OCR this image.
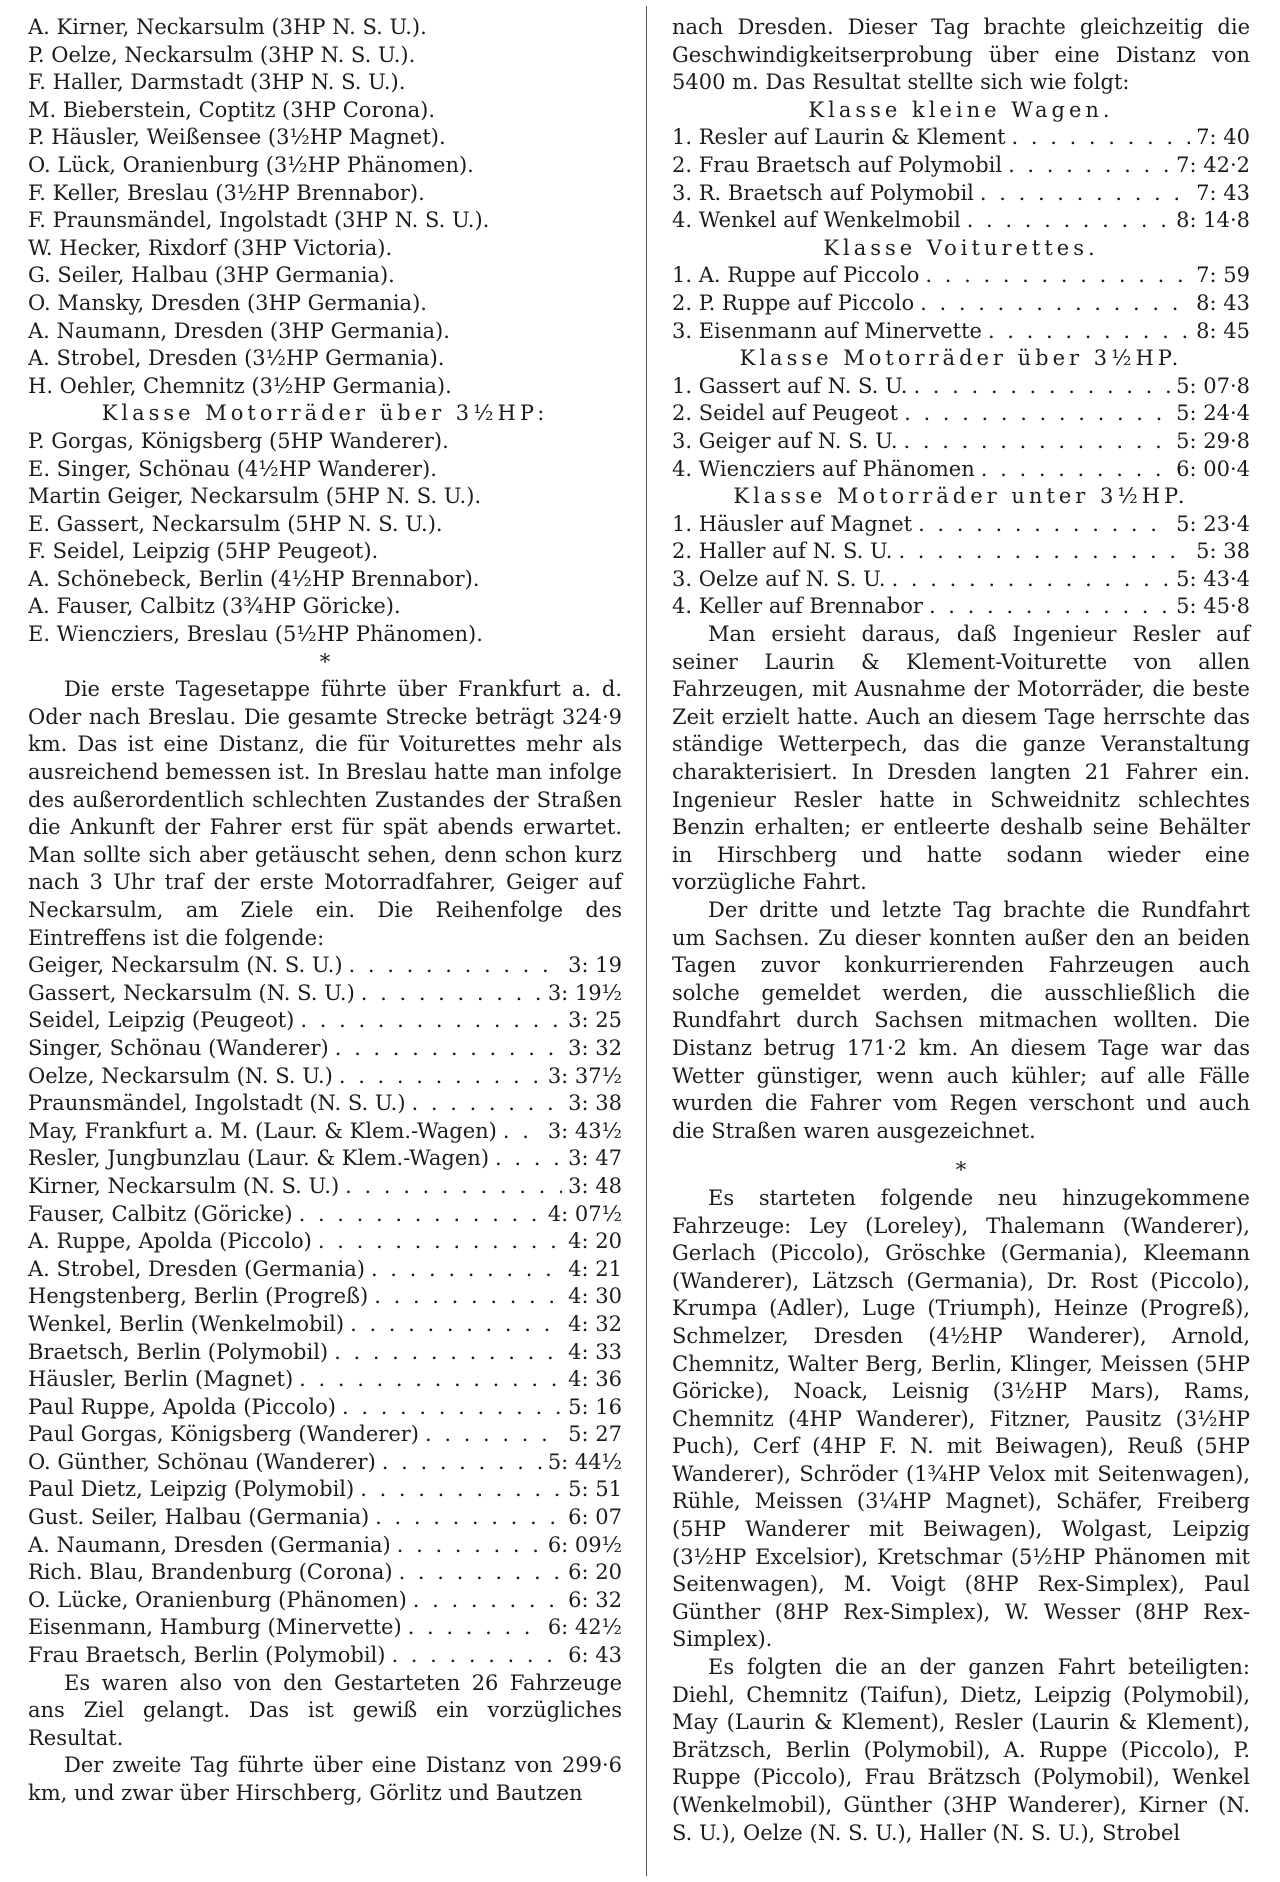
A. Kirner, Neckarsulm (3HP N. S. U.).
P. Oelze, Neckarsulm (3HP N. S. U.).
F. Haller, Darmstadt (3HP N. S. U.).
M. Bieberstein, Coptitz (3HP Corona).
P. Häusler, Weißensee (3½HP Magnet).
O. Lück, Oranienburg (3½HP Phänomen).
F. Keller, Breslau (3½HP Brennabor).
F. Praunsmändel, Ingolstadt (3HP N. S. U.).
W. Hecker, Rixdorf (3HP Victoria).
G. Seiler, Halbau (3HP Germania).
O. Mansky, Dresden (3HP Germania).
A. Naumann, Dresden (3HP Germania).
A. Strobel, Dresden (3½HP Germania).
H. Oehler, Chemnitz (3½HP Germania).
Klasse Motorräder über 3½HP:
P. Gorgas, Königsberg (5HP Wanderer).
E. Singer, Schönau (4½HP Wanderer).
Martin Geiger, Neckarsulm (5HP N. S. U.).
E. Gassert, Neckarsulm (5HP N. S. U.).
F. Seidel, Leipzig (5HP Peugeot).
A. Schönebeck, Berlin (4½HP Brennabor).
A. Fauser, Calbitz (3¾HP Göricke).
E. Wienczіers, Breslau (5½HP Phänomen).
*

Die erste Tagesetappe führte über Frankfurt a. d. Oder nach Breslau. Die gesamte Strecke beträgt 324·9 km. Das ist eine Distanz, die für Voiturettes mehr als ausreichend bemessen ist. In Breslau hatte man infolge des außerordentlich schlechten Zustandes der Straßen die Ankunft der Fahrer erst für spät abends erwartet. Man sollte sich aber getäuscht sehen, denn schon kurz nach 3 Uhr traf der erste Motorradfahrer, Geiger auf Neckarsulm, am Ziele ein. Die Reihenfolge des Eintreffens ist die folgende:

Geiger, Neckarsulm (N. S. U.) . . .	3: 19
Gassert, Neckarsulm (N. S. U.) . . .	3: 19½
Seidel, Leipzig (Peugeot) . . .	3: 25
Singer, Schönau (Wanderer) . . .	3: 32
Oelze, Neckarsulm (N. S. U.) . . .	3: 37½
Praunsmändel, Ingolstadt (N. S. U.) . . .	3: 38
May, Frankfurt a. M. (Laur. & Klem.-Wagen) . . . 3: 43½
Resler, Jungbunzlau (Laur. & Klem.-Wagen) . . .	3: 47
Kirner, Neckarsulm (N. S. U.) . . .	3: 48
Fauser, Calbitz (Göricke) . . .	4: 07½
A. Ruppe, Apolda (Piccolo) . . .	4: 20
A. Strobel, Dresden (Germania) . . .	4: 21
Hengstenberg, Berlin (Progreß) . . .	4: 30
Wenkel, Berlin (Wenkelmobil) . . .	4: 32
Braetsch, Berlin (Polymobil) . . .	4: 33
Häusler, Berlin (Magnet) . . .	4: 36
Paul Ruppe, Apolda (Piccolo) . . .	5: 16
Paul Gorgas, Königsberg (Wanderer) . . .	5: 27
O. Günther, Schönau (Wanderer) . . .	5: 44½
Paul Dietz, Leipzig (Polymobil) . . .	5: 51
Gust. Seiler, Halbau (Germania) . . .	6: 07
A. Naumann, Dresden (Germania) . . .	6: 09½
Rich. Blau, Brandenburg (Corona) . . .	6: 20
O. Lücke, Oranienburg (Phänomen) . . .	6: 32
Eisenmann, Hamburg (Minervette) . . .	6: 42½
Frau Braetsch, Berlin (Polymobil) . . .	6: 43

Es waren also von den Gestarteten 26 Fahrzeuge ans Ziel gelangt. Das ist gewiß ein vorzügliches Resultat.

Der zweite Tag führte über eine Distanz von 299·6 km, und zwar über Hirschberg, Görlitz und Bautzen

nach Dresden. Dieser Tag brachte gleichzeitig die Geschwindigkeitserprobung über eine Distanz von 5400 m. Das Resultat stellte sich wie folgt:

Klasse kleine Wagen.
1. Resler auf Laurin & Klement . . .	7: 40
2. Frau Braetsch auf Polymobil . . .	7: 42·2
3. R. Braetsch auf Polymobil . . .	7: 43
4. Wenkel auf Wenkelmobil . . .	8: 14·8
Klasse Voiturettes.
1. A. Ruppe auf Piccolo . . .	7: 59
2. P. Ruppe auf Piccolo . . .	8: 43
3. Eisenmann auf Minervette . . .	8: 45
Klasse Motorräder über 3½HP.
1. Gassert auf N. S. U. . . .	5: 07·8
2. Seidel auf Peugeot . . .	5: 24·4
3. Geiger auf N. S. U. . . .	5: 29·8
4. Wienczіers auf Phänomen . . .	6: 00·4
Klasse Motorräder unter 3½HP.
1. Häusler auf Magnet . . .	5: 23·4
2. Haller auf N. S. U. . . .	5: 38
3. Oelze auf N. S. U. . . .	5: 43·4
4. Keller auf Brennabor . . .	5: 45·8

Man ersieht daraus, daß Ingenieur Resler auf seiner Laurin & Klement-Voiturette von allen Fahrzeugen, mit Ausnahme der Motorräder, die beste Zeit erzielt hatte. Auch an diesem Tage herrschte das ständige Wetterpech, das die ganze Veranstaltung charakterisiert. In Dresden langten 21 Fahrer ein. Ingenieur Resler hatte in Schweidnitz schlechtes Benzin erhalten; er entleerte deshalb seine Behälter in Hirschberg und hatte sodann wieder eine vorzügliche Fahrt.

Der dritte und letzte Tag brachte die Rundfahrt um Sachsen. Zu dieser konnten außer den an beiden Tagen zuvor konkurrierenden Fahrzeugen auch solche gemeldet werden, die ausschließlich die Rundfahrt durch Sachsen mitmachen wollten. Die Distanz betrug 171·2 km. An diesem Tage war das Wetter günstiger, wenn auch kühler; auf alle Fälle wurden die Fahrer vom Regen verschont und auch die Straßen waren ausgezeichnet.

*

Es starteten folgende neu hinzugekommene Fahrzeuge: Ley (Loreley), Thalemann (Wanderer), Gerlach (Piccolo), Gröschke (Germania), Kleemann (Wanderer), Lätzsch (Germania), Dr. Rost (Piccolo), Krumpa (Adler), Luge (Triumph), Heinze (Progreß), Schmelzer, Dresden (4½HP Wanderer), Arnold, Chemnitz, Walter Berg, Berlin, Klinger, Meissen (5HP Göricke), Noack, Leisnig (3½HP Mars), Rams, Chemnitz (4HP Wanderer), Fitzner, Pausitz (3½HP Puch), Cerf (4HP F. N. mit Beiwagen), Reuß (5HP Wanderer), Schröder (1¾HP Velox mit Seitenwagen), Rühle, Meissen (3¼HP Magnet), Schäfer, Freiberg (5HP Wanderer mit Beiwagen), Wolgast, Leipzig (3½HP Excelsior), Kretschmar (5½HP Phänomen mit Seitenwagen), M. Voigt (8HP Rex-Simplex), Paul Günther (8HP Rex-Simplex), W. Wesser (8HP Rex-Simplex).

Es folgten die an der ganzen Fahrt beteiligten: Diehl, Chemnitz (Taifun), Dietz, Leipzig (Polymobil), May (Laurin & Klement), Resler (Laurin & Klement), Brätzsch, Berlin (Polymobil), A. Ruppe (Piccolo), P. Ruppe (Piccolo), Frau Brätzsch (Polymobil), Wenkel (Wenkelmobil), Günther (3HP Wanderer), Kirner (N. S. U.), Oelze (N. S. U.), Haller (N. S. U.), Strobel
